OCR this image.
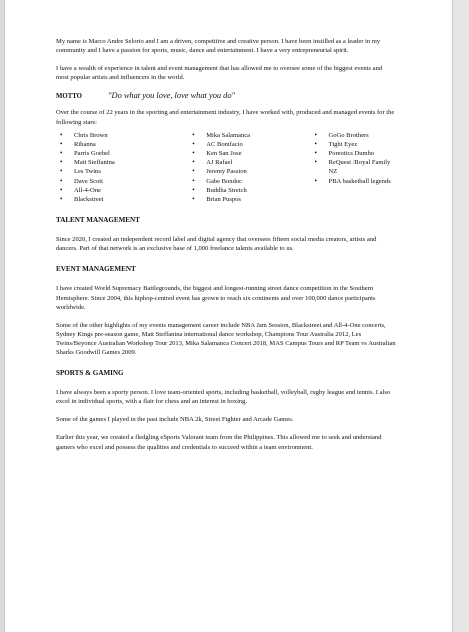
My name is Marco Andre Selorio and I am a driven, competitive and creative person. I have been instilled as a leader in my community and I have a passion for sports, music, dance and entertainment. I have a very entrepreneurial spirit.

I have a wealth of experience in talent and event management that has allowed me to oversee some of the biggest events and most popular artists and influencers in the world.

MOTTO	"Do what you love, love what you do"

Over the course of 22 years in the sporting and entertainment industry, I have worked with, produced and managed events for the following stars:

• Chris Brown
• Rihanna
• Parris Goebel
• Matt Steffanina
• Les Twins
• Dave Scott
• All-4-One
• Blackstreet
• Mika Salamanca
• AC Bonifacio
• Ken San Jose
• AJ Rafael
• Jeremy Passion
• Gabe Bondoc
• Buddha Stretch
• Brian Puspos
• GoGo Brothers
• Tight Eyez
• Poreotics Dumbo
• ReQuest /Royal Family NZ
• PBA basketball legends
TALENT MANAGEMENT

Since 2020, I created an independent record label and digital agency that oversees fifteen social media creators, artists and dancers. Part of that network is an exclusive base of 1,000 freelance talents available to us.

EVENT MANAGEMENT

I have created World Supremacy Battlegrounds, the biggest and longest-running street dance competition in the Southern Hemisphere. Since 2004, this hiphop-centred event has grown to reach six continents and over 100,000 dance participants worldwide.

Some of the other highlights of my events management career include NBA Jam Session, Blackstreet and All-4-One concerts, Sydney Kings pre-season game, Matt Steffanina international dance workshop, Champions Tour Australia 2012, Les Twins/Beyonce Australian Workshop Tour 2013, Mika Salamanca Concert 2018, MAS Campus Tours and RP Team vs Australian Sharks Goodwill Games 2009.

SPORTS & GAMING

I have always been a sporty person. I love team-oriented sports, including basketball, volleyball, rugby league and tennis. I also excel in individual sports, with a flair for chess and an interest in boxing.

Some of the games I played in the past include NBA 2k, Street Fighter and Arcade Games.

Earlier this year, we created a fledgling eSports Valorant team from the Philippines. This allowed me to seek and understand gamers who excel and possess the qualities and credentials to succeed within a team environment.
